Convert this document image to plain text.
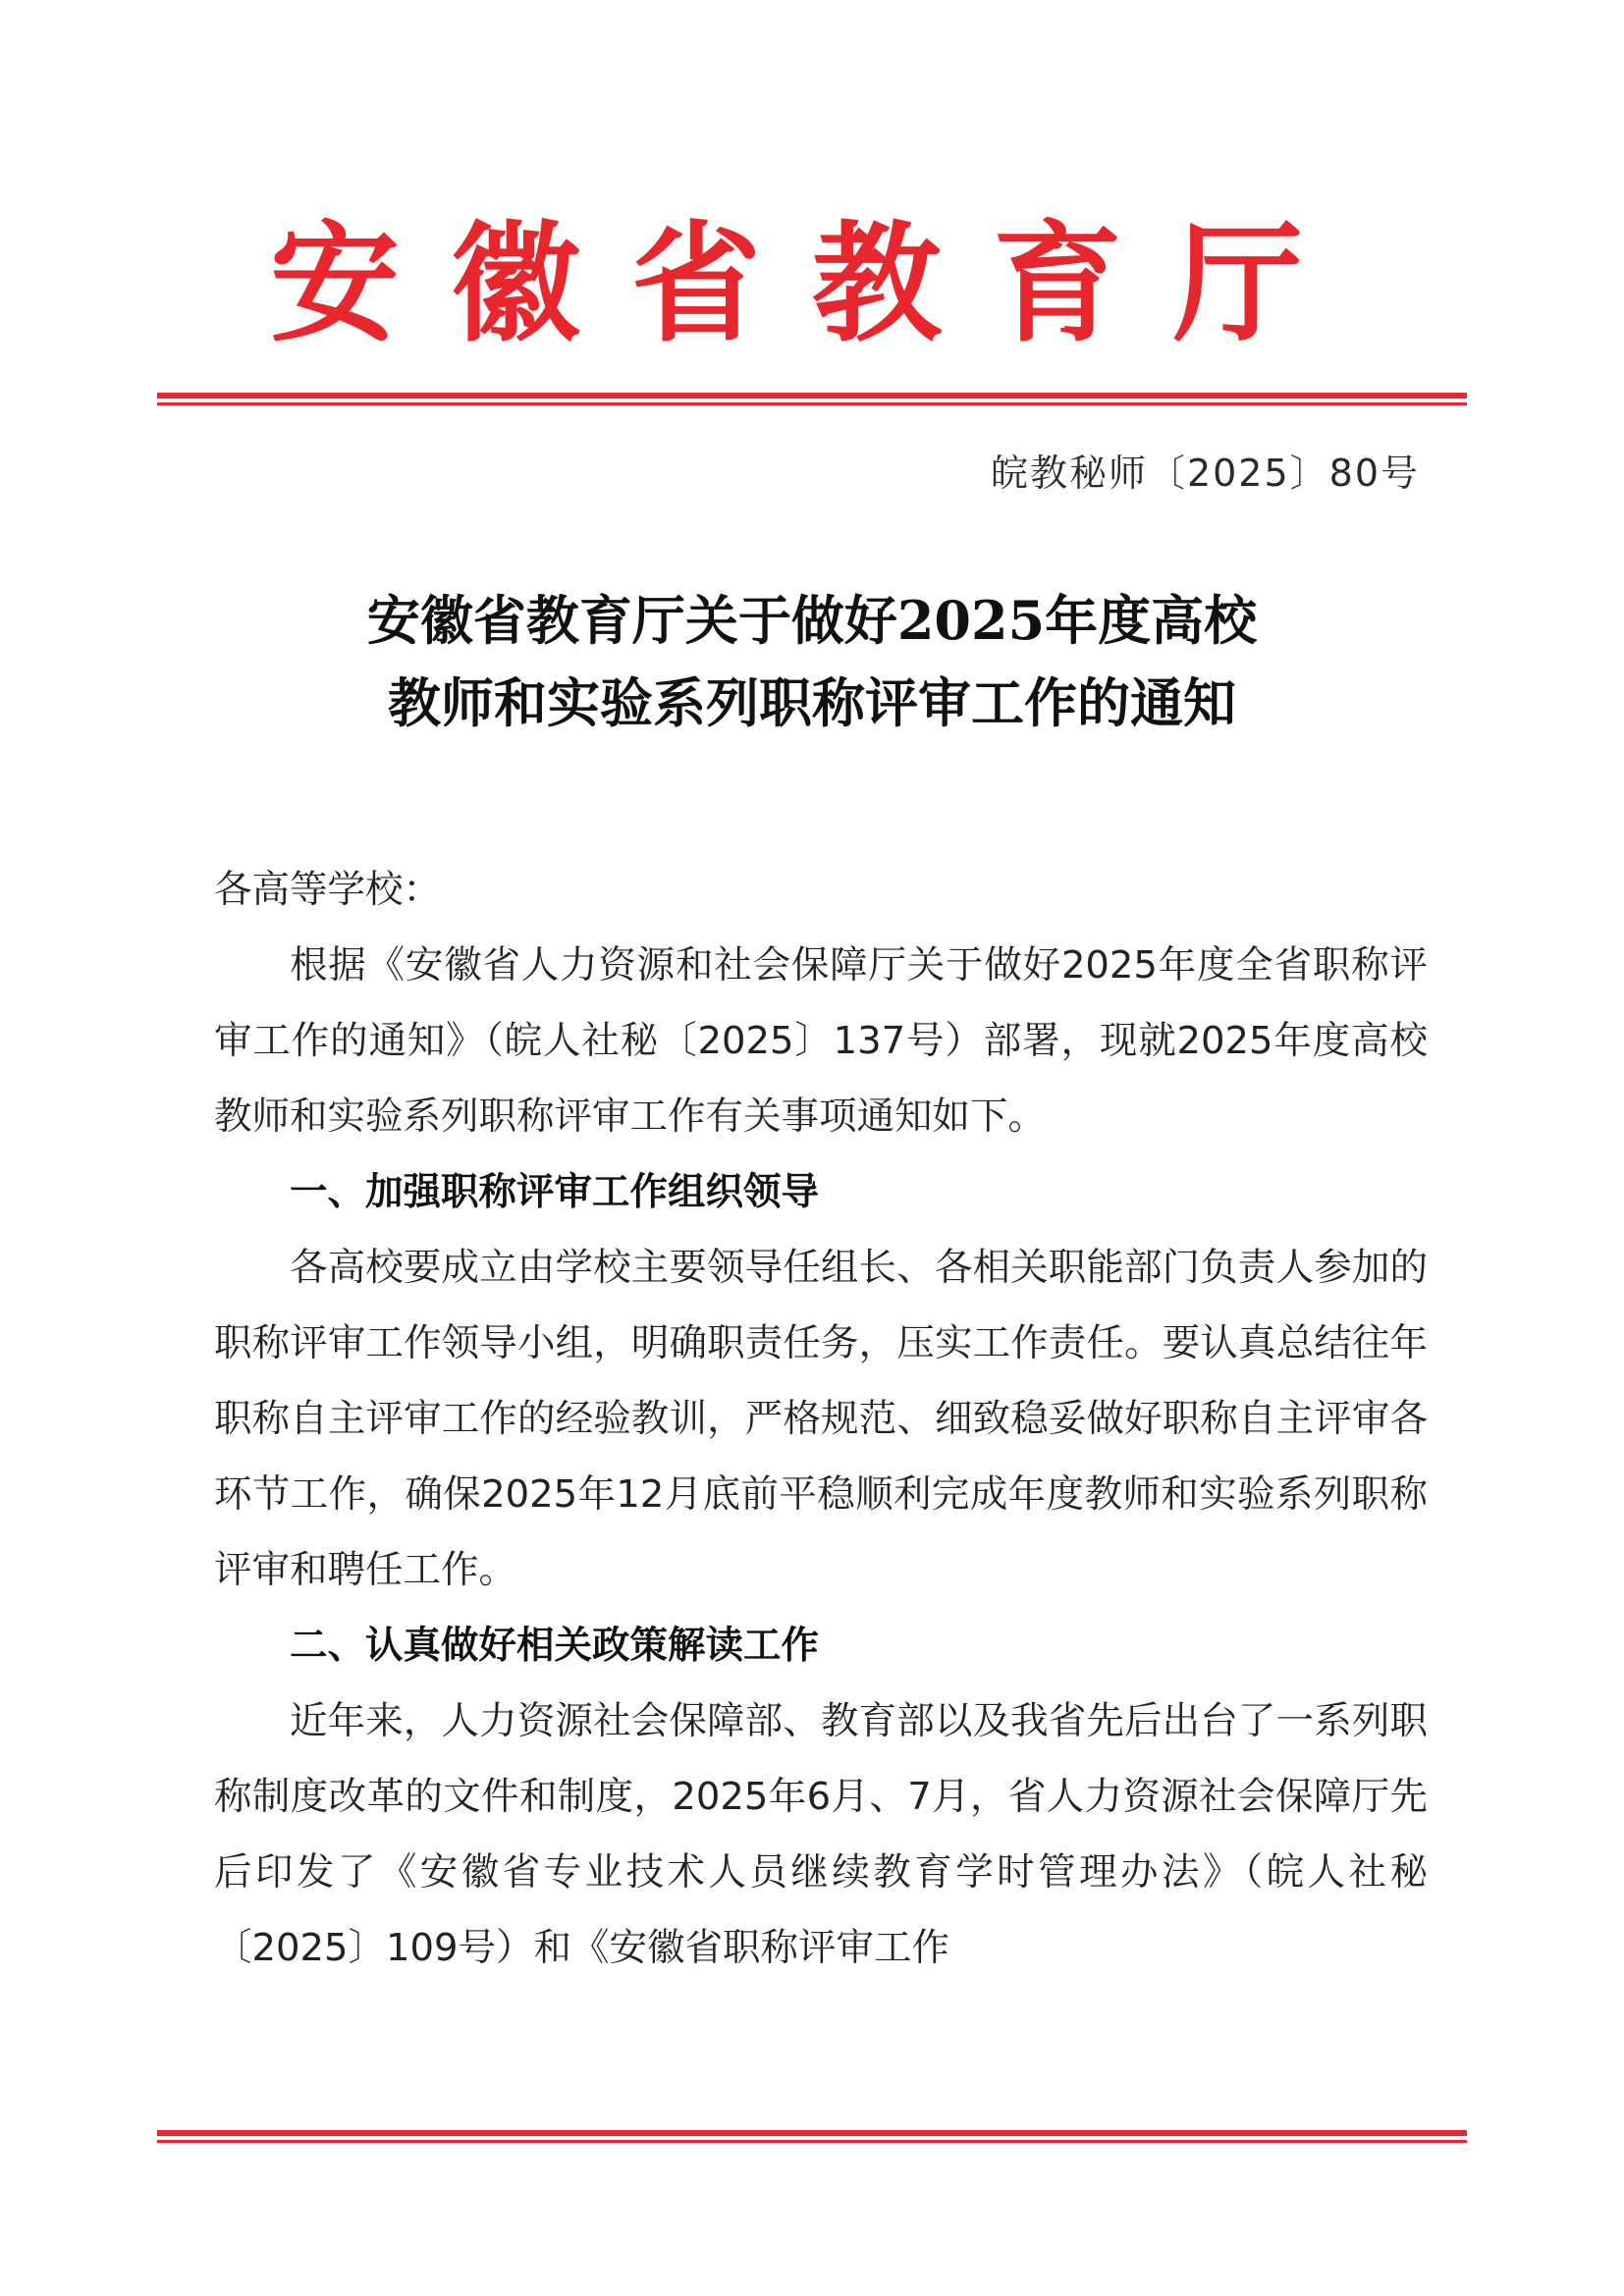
安徽省教育厅
皖教秘师〔2025〕80号
安徽省教育厅关于做好2025年度高校
教师和实验系列职称评审工作的通知

各高等学校：

根据《安徽省人力资源和社会保障厅关于做好2025年度全省职称评审工作的通知》（皖人社秘〔2025〕137号）部署，现就2025年度高校教师和实验系列职称评审工作有关事项通知如下。

一、加强职称评审工作组织领导

各高校要成立由学校主要领导任组长、各相关职能部门负责人参加的职称评审工作领导小组，明确职责任务，压实工作责任。要认真总结往年职称自主评审工作的经验教训，严格规范、细致稳妥做好职称自主评审各环节工作，确保2025年12月底前平稳顺利完成年度教师和实验系列职称评审和聘任工作。

二、认真做好相关政策解读工作

近年来，人力资源社会保障部、教育部以及我省先后出台了一系列职称制度改革的文件和制度，2025年6月、7月，省人力资源社会保障厅先后印发了《安徽省专业技术人员继续教育学时管理办法》（皖人社秘〔2025〕109号）和《安徽省职称评审工作
